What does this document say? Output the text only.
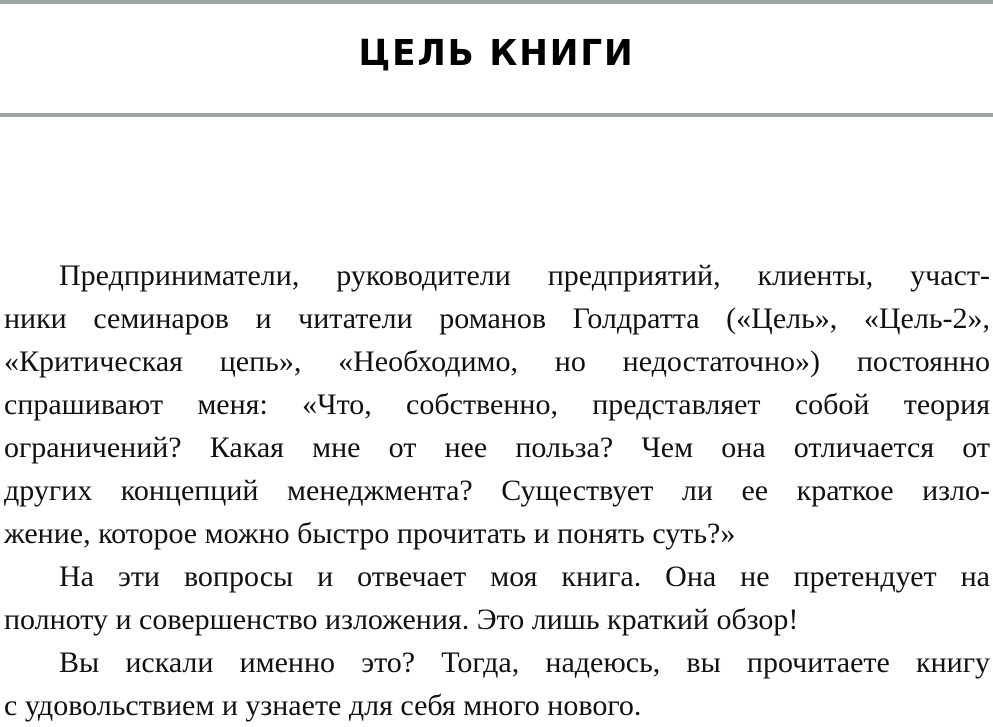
ЦЕЛЬ КНИГИ
Предприниматели, руководители предприятий, клиенты, участ-
ники семинаров и читатели романов Голдратта («Цель», «Цель-2»,
«Критическая цепь», «Необходимо, но недостаточно») постоянно
спрашивают меня: «Что, собственно, представляет собой теория
ограничений? Какая мне от нее польза? Чем она отличается от
других концепций менеджмента? Существует ли ее краткое изло-
жение, которое можно быстро прочитать и понять суть?»
На эти вопросы и отвечает моя книга. Она не претендует на
полноту и совершенство изложения. Это лишь краткий обзор!
Вы искали именно это? Тогда, надеюсь, вы прочитаете книгу
с удовольствием и узнаете для себя много нового.
